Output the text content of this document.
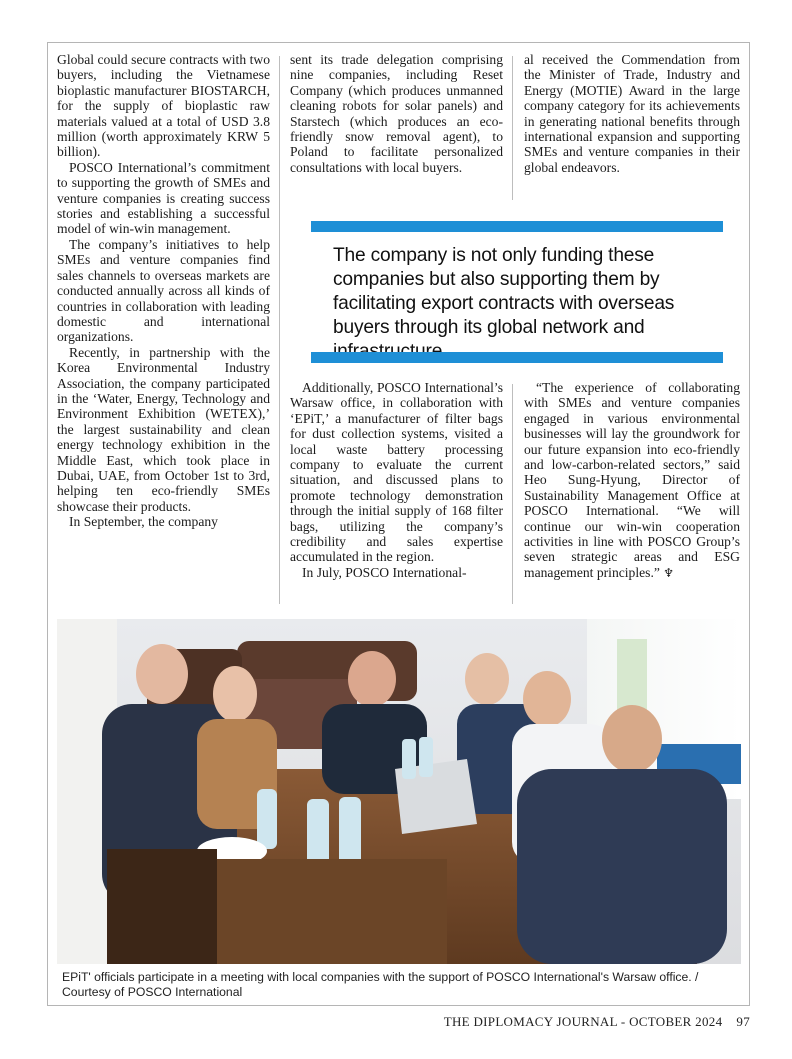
Global could secure contracts with two buyers, including the Vietnamese bioplastic manufacturer BIOSTARCH, for the supply of bioplastic raw materials valued at a total of USD 3.8 million (worth approximately KRW 5 billion).

POSCO International’s commitment to supporting the growth of SMEs and venture companies is creating success stories and establishing a successful model of win-win management.

The company’s initiatives to help SMEs and venture companies find sales channels to overseas markets are conducted annually across all kinds of countries in collaboration with leading domestic and international organizations.

Recently, in partnership with the Korea Environmental Industry Association, the company participated in the ‘Water, Energy, Technology and Environment Exhibition (WETEX),’ the largest sustainability and clean energy technology exhibition in the Middle East, which took place in Dubai, UAE, from October 1st to 3rd, helping ten eco-friendly SMEs showcase their products.

In September, the company

sent its trade delegation comprising nine companies, including Reset Company (which produces unmanned cleaning robots for solar panels) and Starstech (which produces an eco-friendly snow removal agent), to Poland to facilitate personalized consultations with local buyers.

al received the Commendation from the Minister of Trade, Industry and Energy (MOTIE) Award in the large company category for its achievements in generating national benefits through international expansion and supporting SMEs and venture companies in their global endeavors.

The company is not only funding these companies but also supporting them by facilitating export contracts with overseas buyers through its global network and

Additionally, POSCO International’s Warsaw office, in collaboration with ‘EPiT,’ a manufacturer of filter bags for dust collection systems, visited a local waste battery processing company to evaluate the current situation, and discussed plans to promote technology demonstration through the initial supply of 168 filter bags, utilizing the company’s credibility and sales expertise accumulated in the region.

In July, POSCO International-

“The experience of collaborating with SMEs and venture companies engaged in various environmental businesses will lay the groundwork for our future expansion into eco-friendly and low-carbon-related sectors,” said Heo Sung-Hyung, Director of Sustainability Management Office at POSCO International. “We will continue our win-win cooperation activities in line with POSCO Group’s seven strategic areas and ESG management principles.” ♆

EPiT' officials participate in a meeting with local companies with the support of POSCO International's Warsaw office. / Courtesy of POSCO International
THE DIPLOMACY JOURNAL - OCTOBER 2024 97
